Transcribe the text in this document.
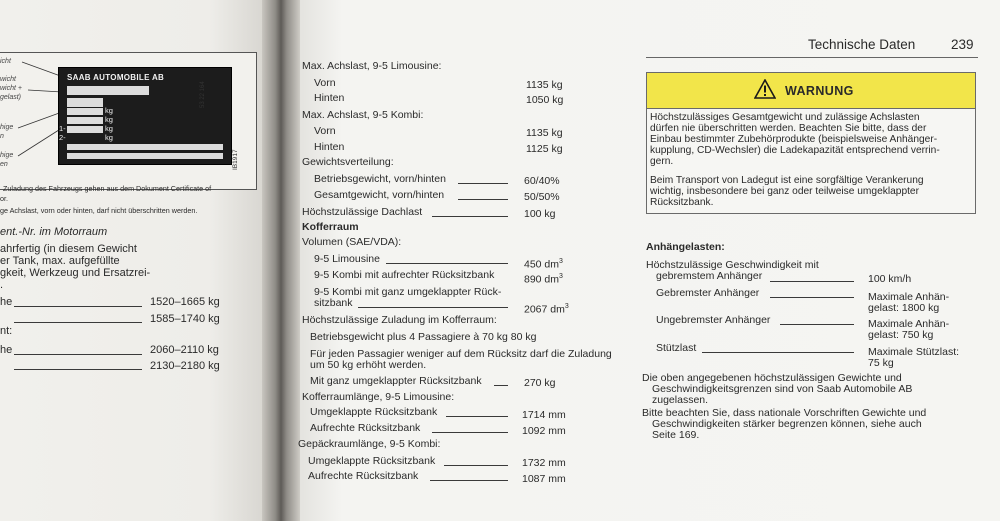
icht
wicht
wicht +
gelast)
hige
n
hige
en
SAAB AUTOMOBILE AB
kg
kg
kg
kg
1-
2-
53 22 164
IB1917
Zuladung des Fahrzeugs gehen aus dem Dokument Certificate of
or.
ge Achslast, vorn oder hinten, darf nicht überschritten werden.
ent.-Nr. im Motorraum
ahrfertig (in diesem Gewicht
er Tank, max. aufgefüllte
gkeit, Werkzeug und Ersatzrei-
.
he	1520–1665 kg
1585–1740 kg
nt:
he	2060–2110 kg
2130–2180 kg
Technische Daten	239
Max. Achslast, 9-5 Limousine:
Vorn	1135 kg
Hinten	1050 kg
Max. Achslast, 9-5 Kombi:
Vorn	1135 kg
Hinten	1125 kg
Gewichtsverteilung:
Betriebsgewicht, vorn/hinten	60/40%
Gesamtgewicht, vorn/hinten	50/50%
Höchstzulässige Dachlast	100 kg
Kofferraum
Volumen (SAE/VDA):
9-5 Limousine	450 $dm^3$
9-5 Kombi mit aufrechter Rücksitzbank	890 $dm^3$
9-5 Kombi mit ganz umgeklappter Rück-
sitzbank
2067 $dm^3$
Höchstzulässige Zuladung im Kofferraum:
Betriebsgewicht plus 4 Passagiere à 70 kg 80 kg
Für jeden Passagier weniger auf dem Rücksitz darf die Zuladung
um 50 kg erhöht werden.
Mit ganz umgeklappter Rücksitzbank	270 kg
Kofferraumlänge, 9-5 Limousine:
Umgeklappte Rücksitzbank	1714 mm
Aufrechte Rücksitzbank	1092 mm
Gepäckraumlänge, 9-5 Kombi:
Umgeklappte Rücksitzbank	1732 mm
Aufrechte Rücksitzbank	1087 mm
WARNUNG
Höchstzulässiges Gesamtgewicht und zulässige Achslasten
dürfen nie überschritten werden. Beachten Sie bitte, dass der
Einbau bestimmter Zubehörprodukte (beispielsweise Anhänger-
kupplung, CD-Wechsler) die Ladekapazität entsprechend verrin-
gern.
Beim Transport von Ladegut ist eine sorgfältige Verankerung
wichtig, insbesondere bei ganz oder teilweise umgeklappter
Rücksitzbank.
Anhängelasten:
Höchstzulässige Geschwindigkeit mit
gebremstem Anhänger	100 km/h
Gebremster Anhänger	Maximale Anhän-
gelast: 1800 kg
Ungebremster Anhänger	Maximale Anhän-
gelast: 750 kg
Stützlast	Maximale Stützlast:
75 kg
Die oben angegebenen höchstzulässigen Gewichte und
Geschwindigkeitsgrenzen sind von Saab Automobile AB
zugelassen.
Bitte beachten Sie, dass nationale Vorschriften Gewichte und
Geschwindigkeiten stärker begrenzen können, siehe auch
Seite 169.
